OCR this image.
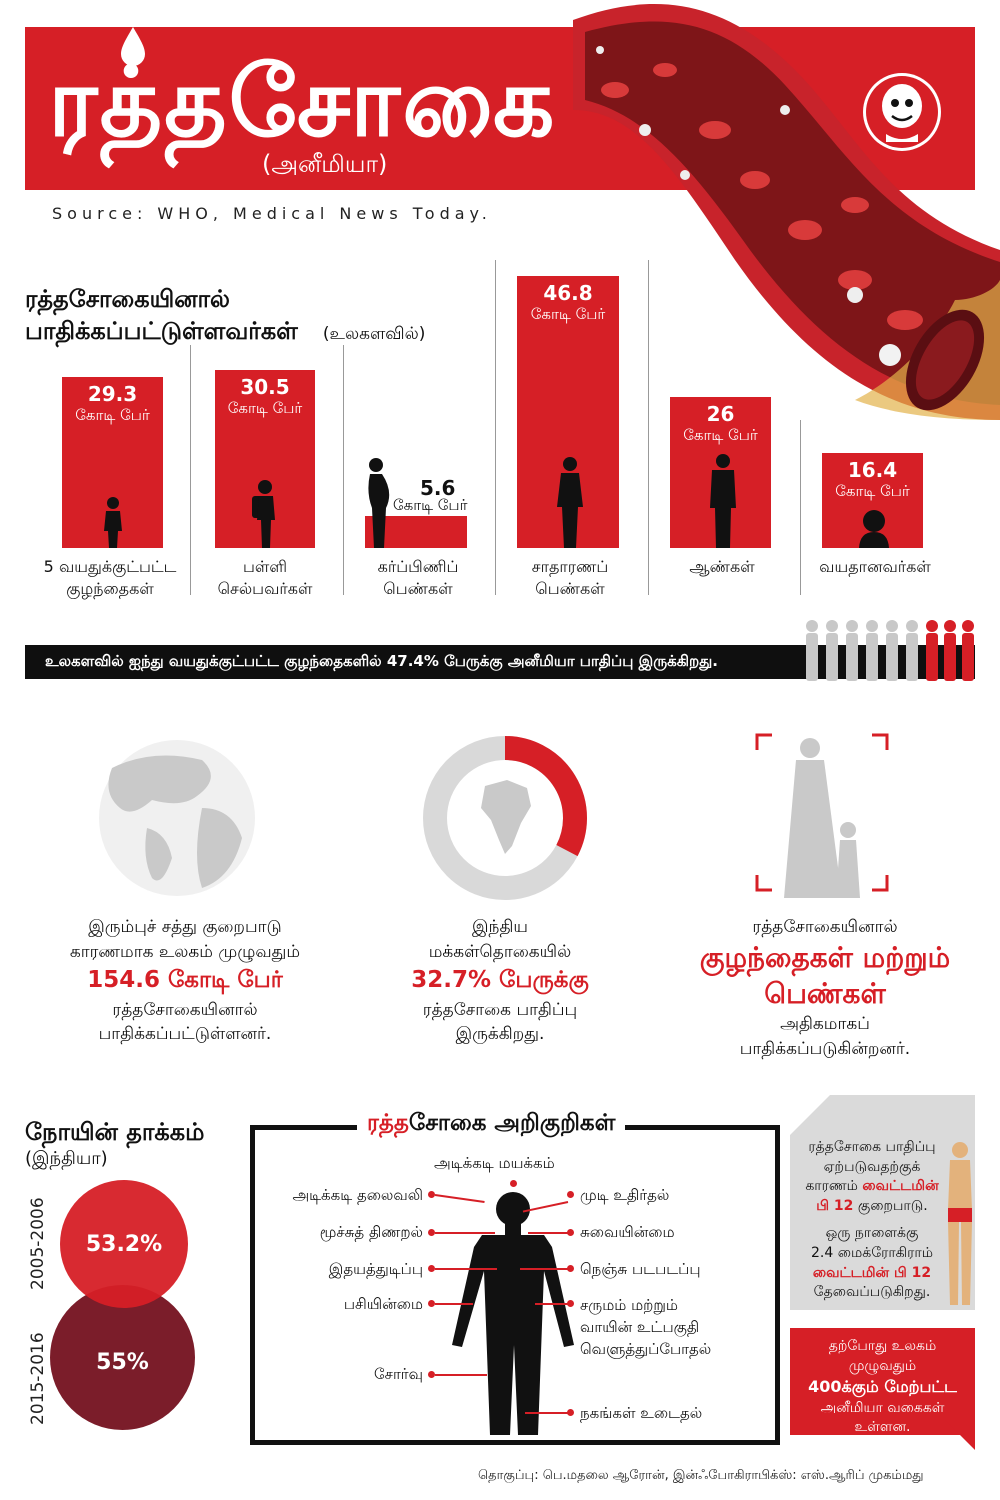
ரத்தசோகை
(அனீமியா)
Source: WHO, Medical News Today.
ரத்தசோகையினால்
பாதிக்கப்பட்டுள்ளவர்கள் (உலகளவில்)
29.3
கோடி பேர்
5 வயதுக்குட்பட்ட
குழந்தைகள்
30.5
கோடி பேர்
பள்ளி
செல்பவர்கள்
5.6
கோடி பேர்
கர்ப்பிணிப்
பெண்கள்
46.8
கோடி பேர்
சாதாரணப்
பெண்கள்
26
கோடி பேர்
ஆண்கள்
16.4
கோடி பேர்
வயதானவர்கள்
உலகளவில் ஐந்து வயதுக்குட்பட்ட குழந்தைகளில் 47.4% பேருக்கு அனீமியா பாதிப்பு இருக்கிறது.
இரும்புச் சத்து குறைபாடு
காரணமாக உலகம் முழுவதும்
154.6 கோடி பேர்
ரத்தசோகையினால்
பாதிக்கப்பட்டுள்ளனர்.
இந்திய
மக்கள்தொகையில்
32.7% பேருக்கு
ரத்தசோகை பாதிப்பு
இருக்கிறது.
ரத்தசோகையினால்
குழந்தைகள் மற்றும்
பெண்கள்
அதிகமாகப்
பாதிக்கப்படுகின்றனர்.
நோயின் தாக்கம்
(இந்தியா)
2005-2006
2015-2016 55%
53.2%
ரத்தசோகை அறிகுறிகள்
அடிக்கடி மயக்கம்
அடிக்கடி தலைவலி
மூச்சுத் திணறல்
இதயத்துடிப்பு
பசியின்மை
சோர்வு
முடி உதிர்தல்
சுவையின்மை
நெஞ்சு படபடப்பு
சருமம் மற்றும்
வாயின் உட்பகுதி
வெளுத்துப்போதல்
நகங்கள் உடைதல்
ரத்தசோகை பாதிப்பு
ஏற்படுவதற்குக்
காரணம் வைட்டமின்
பி 12 குறைபாடு.
ஒரு நாளைக்கு
2.4 மைக்ரோகிராம்
வைட்டமின் பி 12
தேவைப்படுகிறது.
தற்போது உலகம்
முழுவதும்
400க்கும் மேற்பட்ட
அனீமியா வகைகள்
உள்ளன.
தொகுப்பு: பெ.மதலை ஆரோன், இன்ஃபோகிராபிக்ஸ்: எஸ்.ஆரிப் முகம்மது
